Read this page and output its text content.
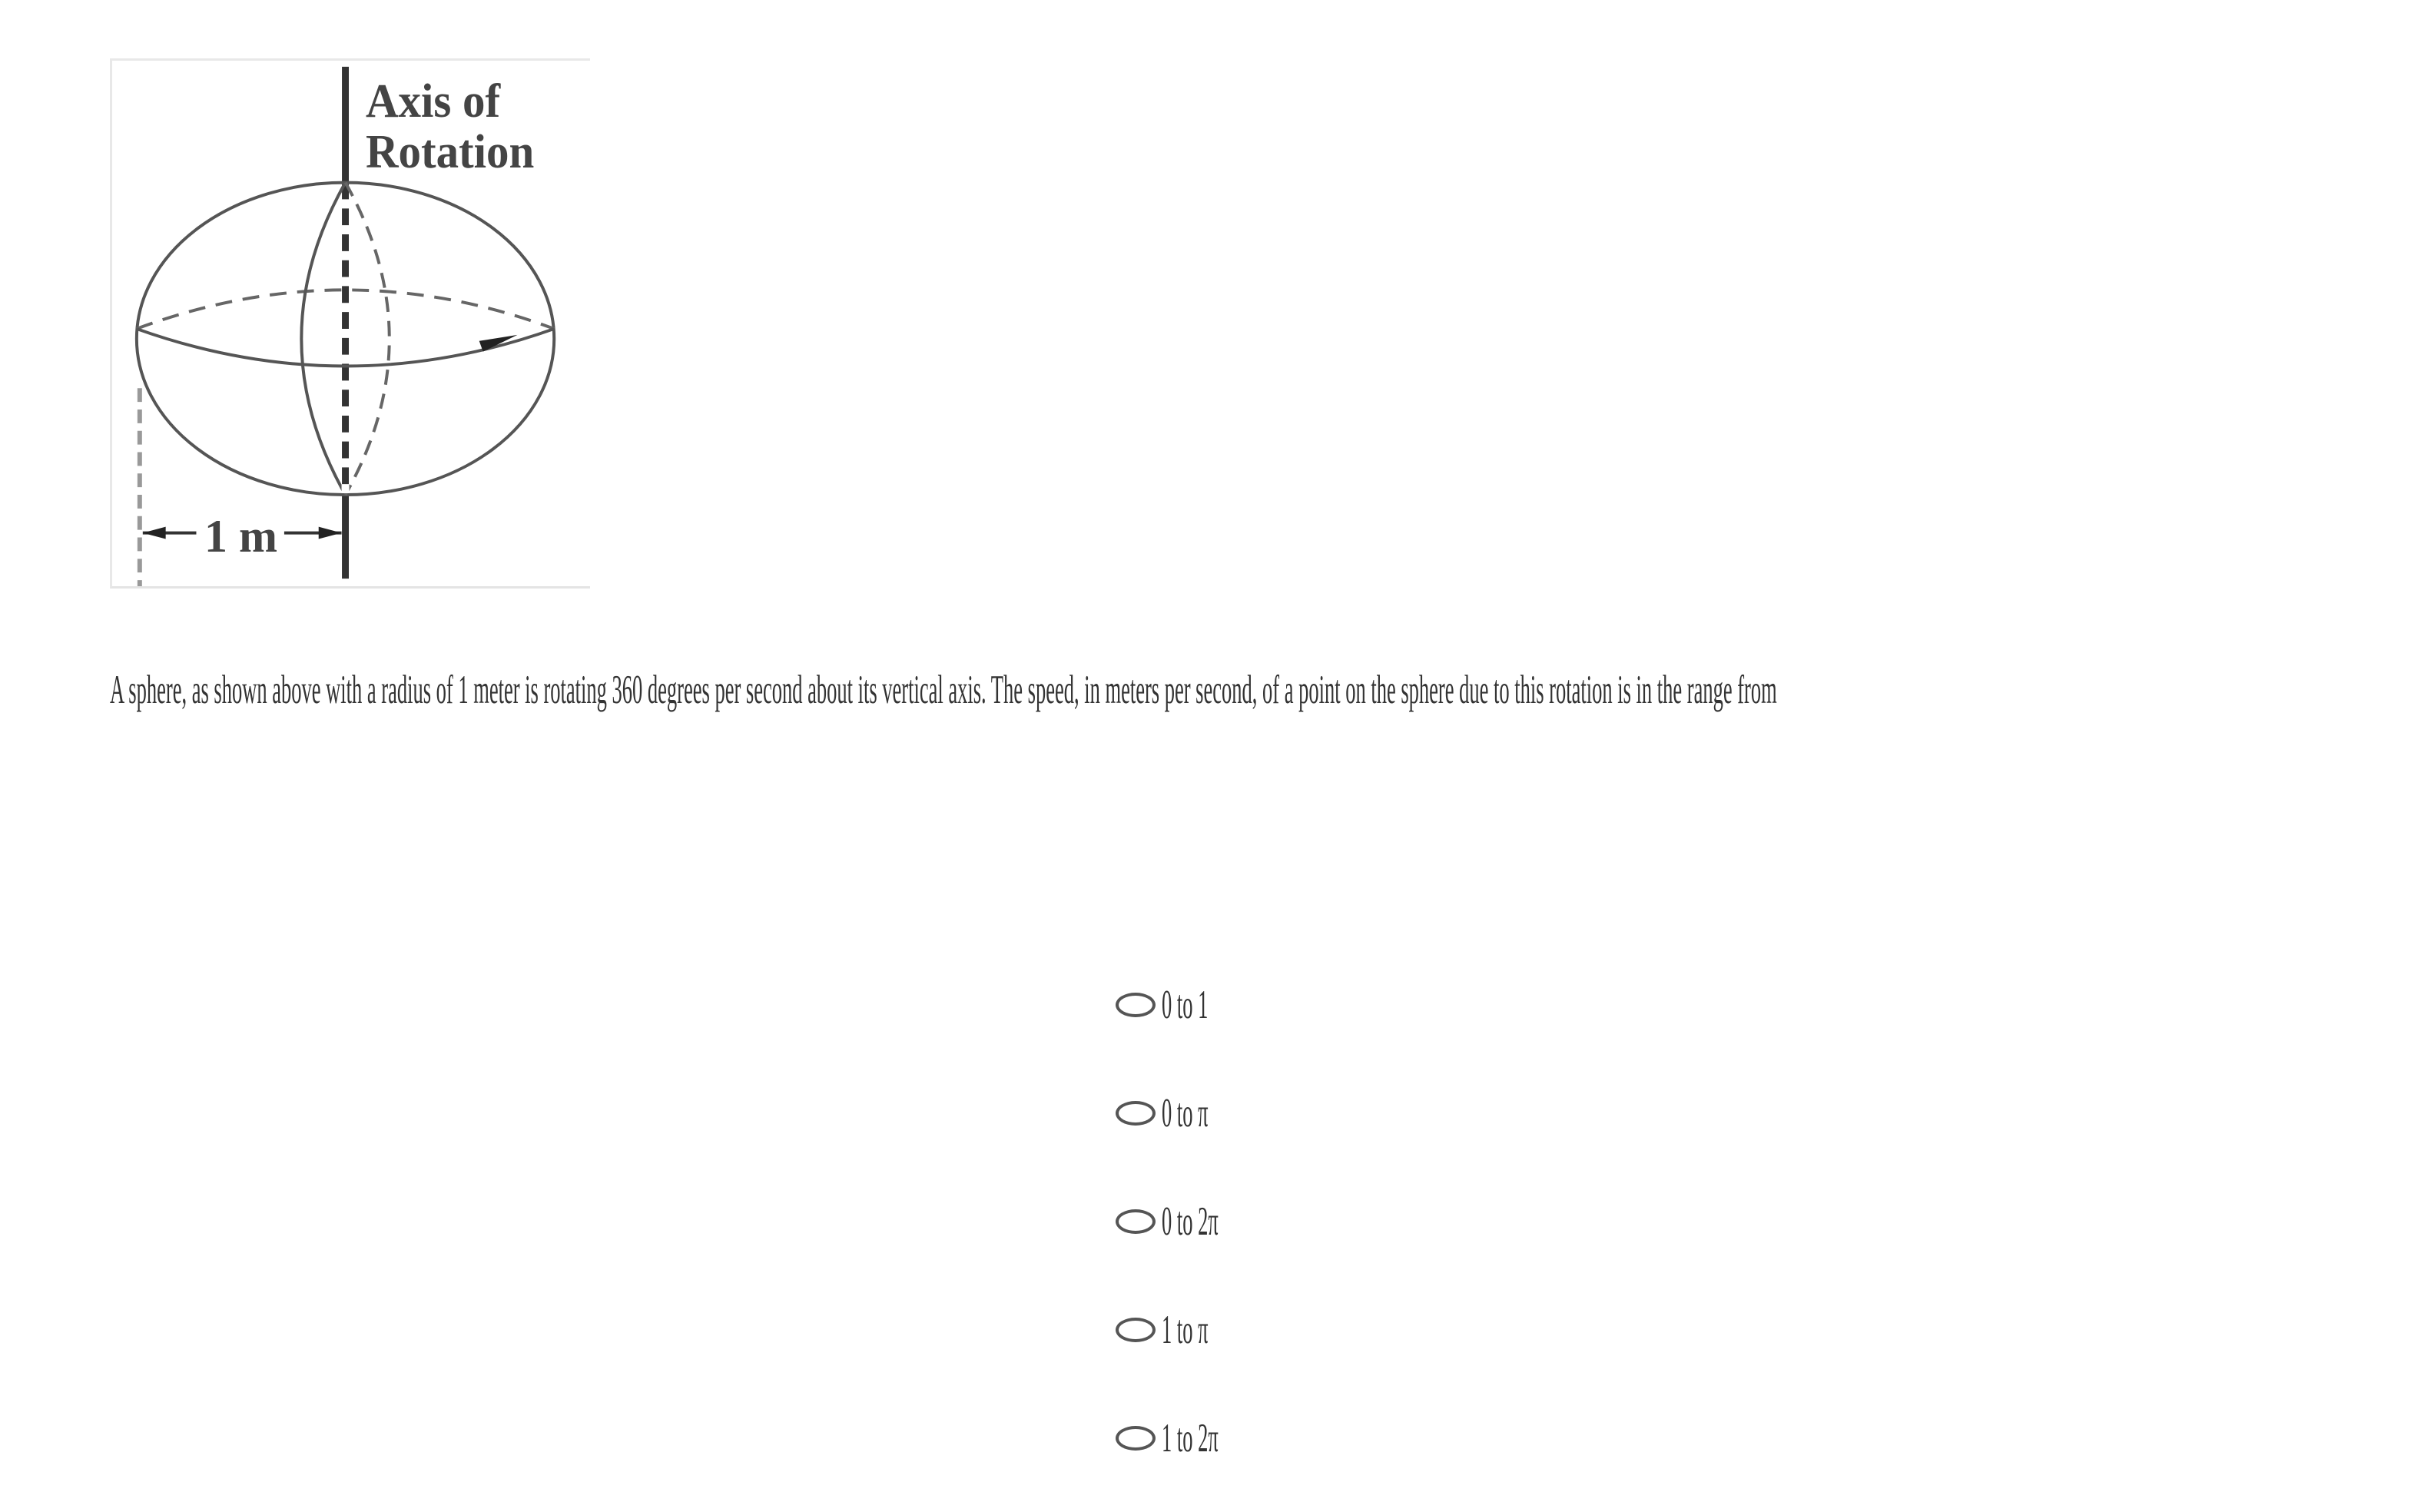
Axis of
Rotation
1 m
A sphere, as shown above with a radius of 1 meter is rotating 360 degrees per second about its vertical axis. The speed, in meters per second, of a point on the sphere due to this rotation is in the range from
0 to 1
0 to π
0 to 2π
1 to π
1 to 2π
